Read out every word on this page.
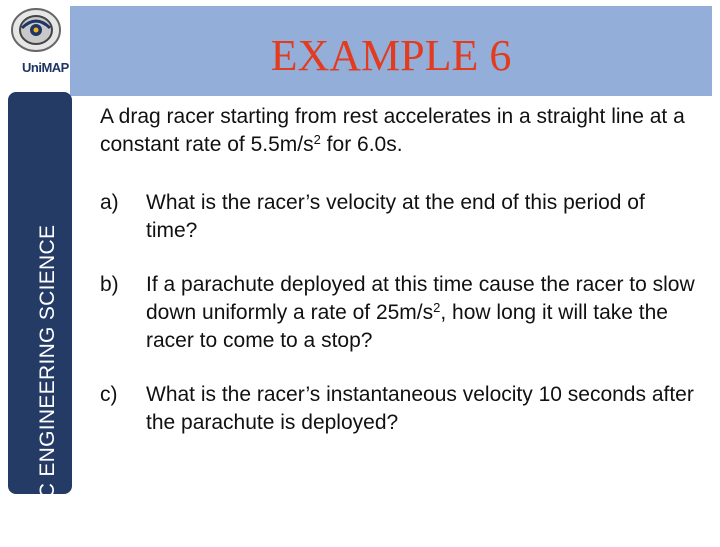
UniMAP	EXAMPLE 6
BASIC ENGINEERING SCIENCE

A drag racer starting from rest accelerates in a straight line at a constant rate of $5.5m/s^2$ for 6.0s.

a)	What is the racer’s velocity at the end of this period of time?
b)	If a parachute deployed at this time cause the racer to slow down uniformly a rate of $25m/s^2$, how long it will take the racer to come to a stop?
c)	What is the racer’s instantaneous velocity 10 seconds after the parachute is deployed?
